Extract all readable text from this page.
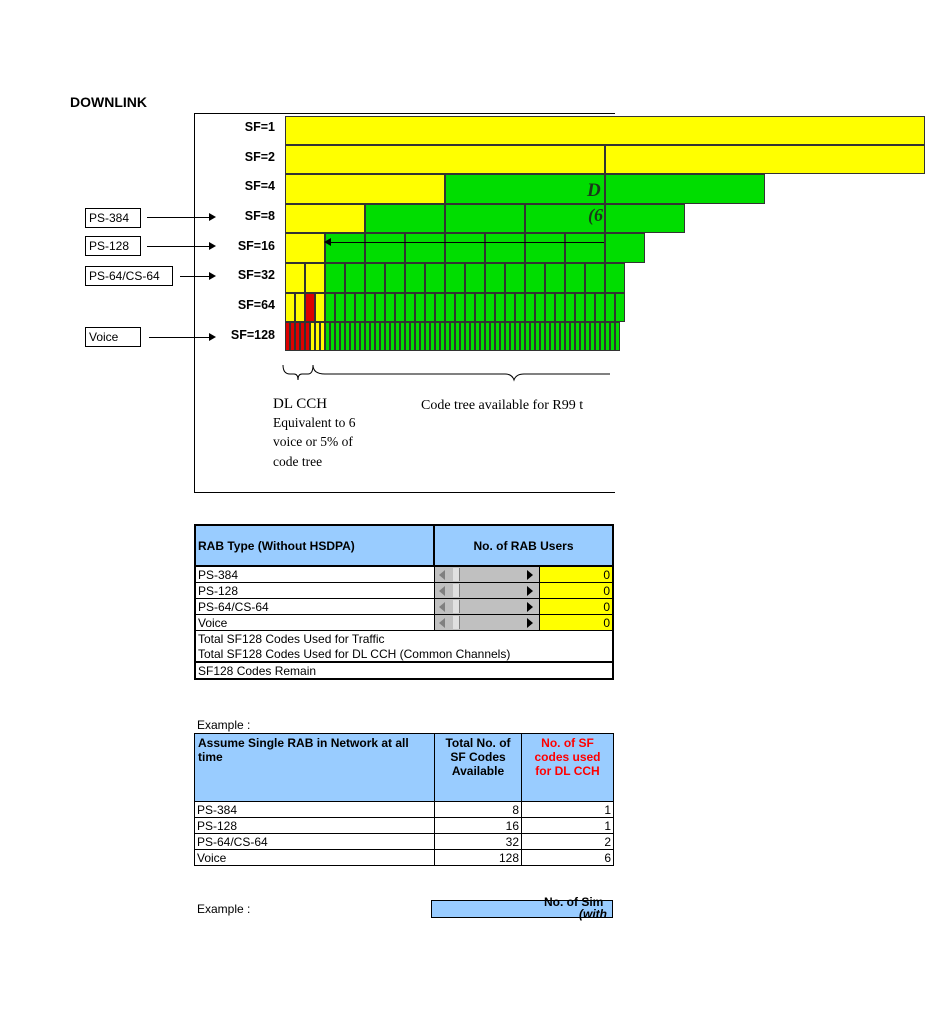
DOWNLINK
SF=1
SF=2
SF=4
SF=8
SF=16
SF=32
SF=64
SF=128
D
(6
PS-384
PS-128
PS-64/CS-64
Voice
DL CCH
Equivalent to 6
voice or 5% of
code tree
Code tree available for R99 t
RAB Type (Without HSDPA)	No. of RAB Users	
PS-384		0
PS-128		0
PS-64/CS-64		0
Voice		0
Total SF128 Codes Used for Traffic		
Total SF128 Codes Used for DL CCH (Common Channels)		
SF128 Codes Remain		
Example :
Assume Single RAB in Network at all time	Total No. of SF Codes Available	No. of SF codes used for DL CCH
PS-384	8	1
PS-128	16	1
PS-64/CS-64	32	2
Voice	128	6
Example :	No. of Sim
(with
